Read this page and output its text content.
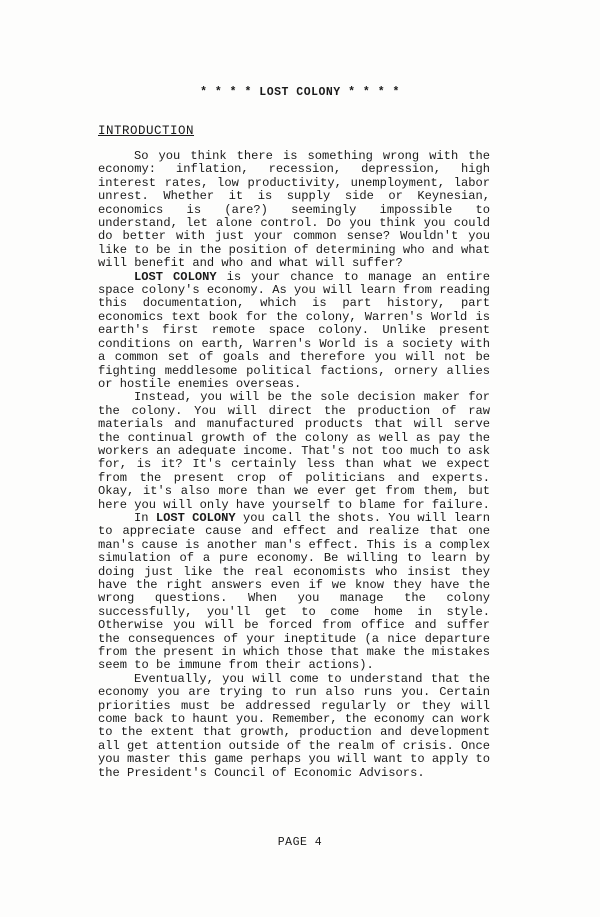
* * * * LOST COLONY * * * *
INTRODUCTION

So you think there is something wrong with the economy: inflation, recession, depression, high interest rates, low productivity, unemployment, labor unrest. Whether it is supply side or Keynesian, economics is (are?) seemingly impossible to understand, let alone control. Do you think you could do better with just your common sense? Wouldn't you like to be in the position of determining who and what will benefit and who and what will suffer?

LOST COLONY is your chance to manage an entire space colony's economy. As you will learn from reading this documentation, which is part history, part economics text book for the colony, Warren's World is earth's first remote space colony. Unlike present conditions on earth, Warren's World is a society with a common set of goals and therefore you will not be fighting meddlesome political factions, ornery allies or hostile enemies overseas.

Instead, you will be the sole decision maker for the colony. You will direct the production of raw materials and manufactured products that will serve the continual growth of the colony as well as pay the workers an adequate income. That's not too much to ask for, is it? It's certainly less than what we expect from the present crop of politicians and experts. Okay, it's also more than we ever get from them, but here you will only have yourself to blame for failure.

In LOST COLONY you call the shots. You will learn to appreciate cause and effect and realize that one man's cause is another man's effect. This is a complex simulation of a pure economy. Be willing to learn by doing just like the real economists who insist they have the right answers even if we know they have the wrong questions. When you manage the colony successfully, you'll get to come home in style. Otherwise you will be forced from office and suffer the consequences of your ineptitude (a nice departure from the present in which those that make the mistakes seem to be immune from their actions).

Eventually, you will come to understand that the economy you are trying to run also runs you. Certain priorities must be addressed regularly or they will come back to haunt you. Remember, the economy can work to the extent that growth, production and development all get attention outside of the realm of crisis. Once you master this game perhaps you will want to apply to the President's Council of Economic Advisors.

PAGE 4
